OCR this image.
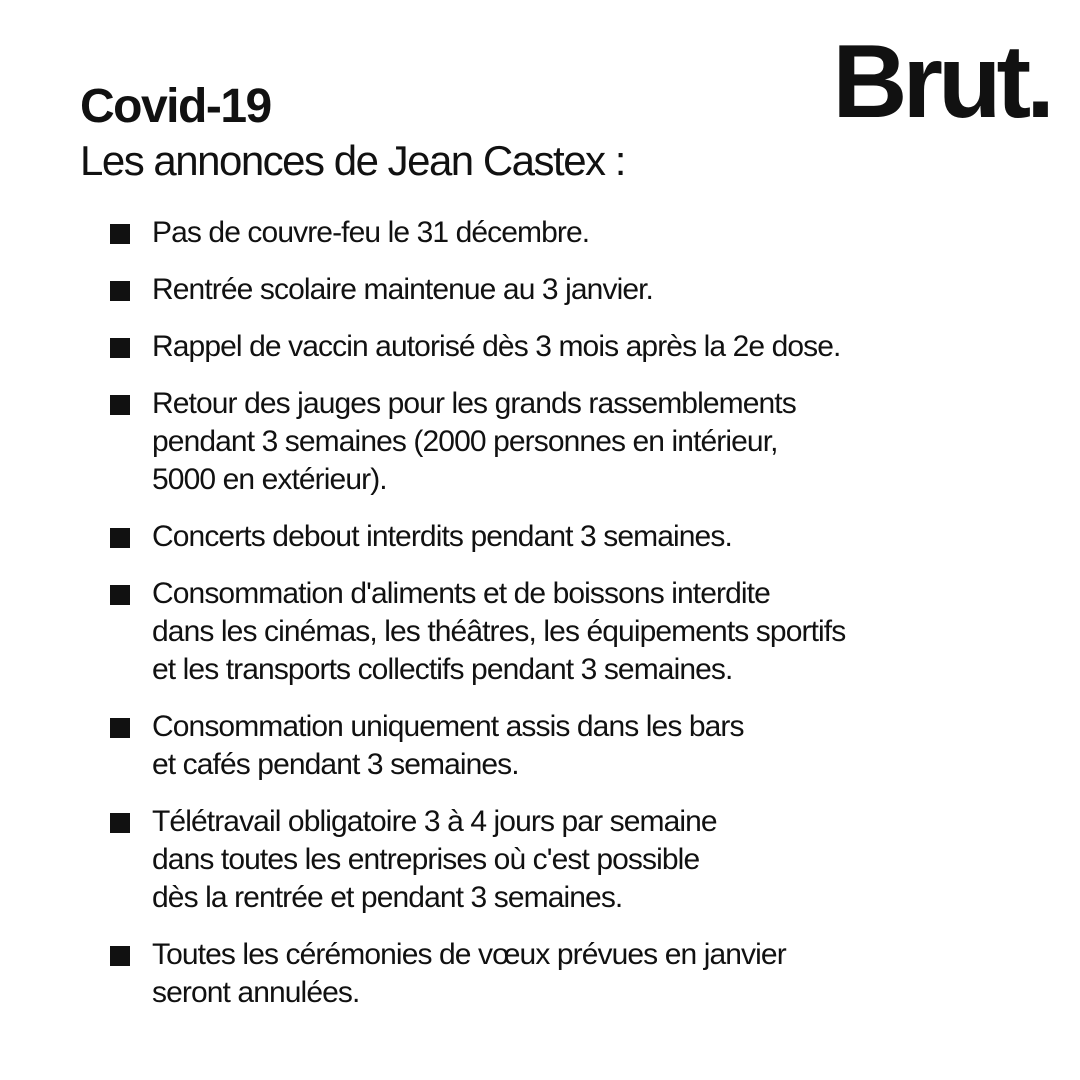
Brut.
Covid-19
Les annonces de Jean Castex :
Pas de couvre-feu le 31 décembre.
Rentrée scolaire maintenue au 3 janvier.
Rappel de vaccin autorisé dès 3 mois après la 2e dose.
Retour des jauges pour les grands rassemblements
pendant 3 semaines (2000 personnes en intérieur,
5000 en extérieur).
Concerts debout interdits pendant 3 semaines.
Consommation d'aliments et de boissons interdite
dans les cinémas, les théâtres, les équipements sportifs
et les transports collectifs pendant 3 semaines.
Consommation uniquement assis dans les bars
et cafés pendant 3 semaines.
Télétravail obligatoire 3 à 4 jours par semaine
dans toutes les entreprises où c'est possible
dès la rentrée et pendant 3 semaines.
Toutes les cérémonies de vœux prévues en janvier
seront annulées.
